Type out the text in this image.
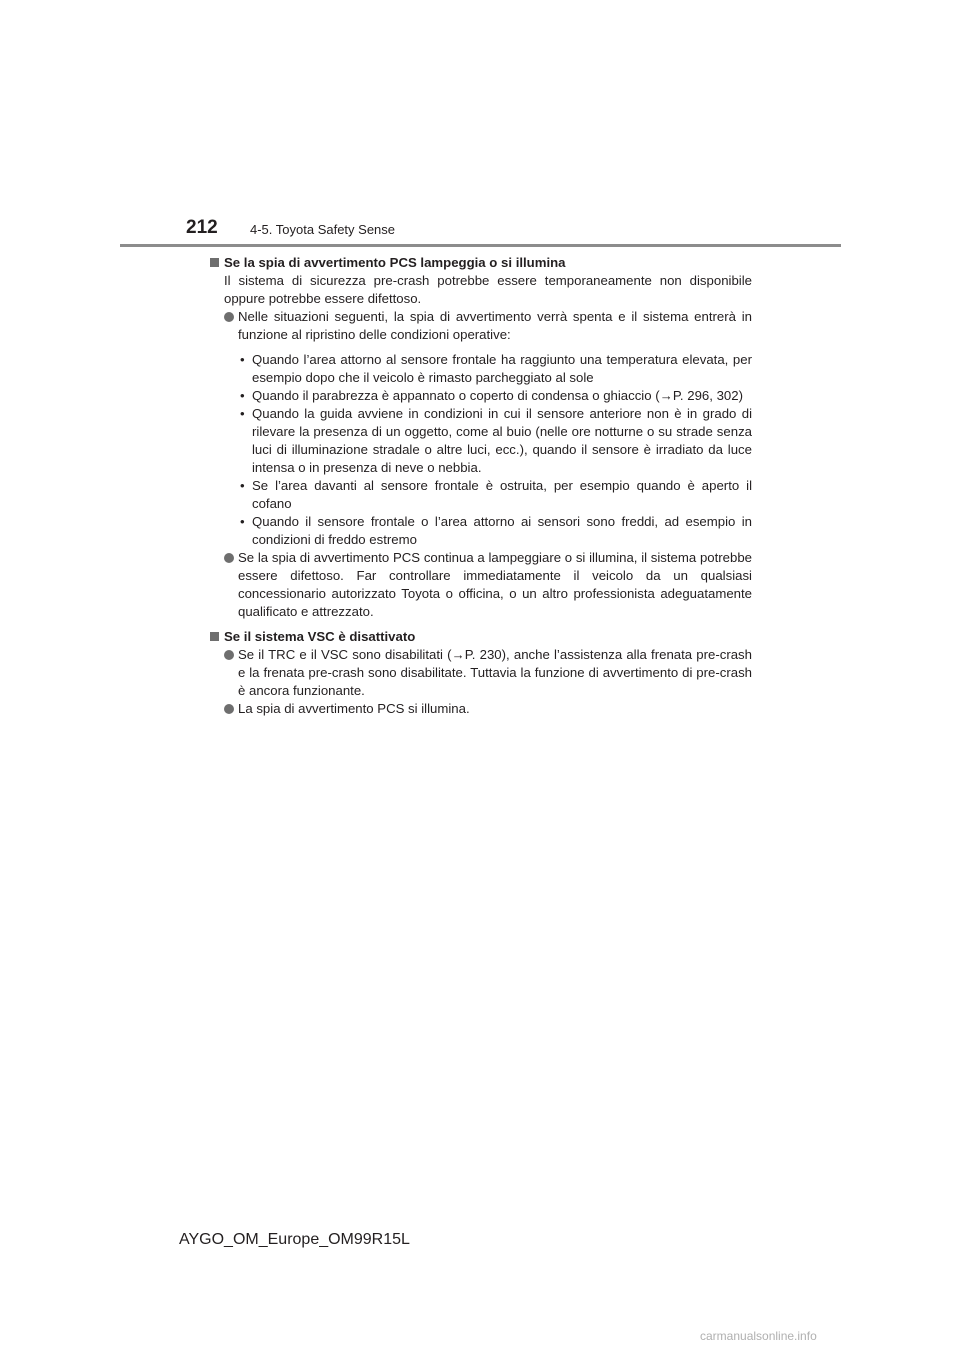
212 4-5. Toyota Safety Sense

Se la spia di avvertimento PCS lampeggia o si illumina

Il sistema di sicurezza pre-crash potrebbe essere temporaneamente non disponibile oppure potrebbe essere difettoso.

Nelle situazioni seguenti, la spia di avvertimento verrà spenta e il sistema entrerà in funzione al ripristino delle condizioni operative:

• Quando l’area attorno al sensore frontale ha raggiunto una temperatura elevata, per esempio dopo che il veicolo è rimasto parcheggiato al sole

• Quando il parabrezza è appannato o coperto di condensa o ghiaccio (→P. 296, 302)

• Quando la guida avviene in condizioni in cui il sensore anteriore non è in grado di rilevare la presenza di un oggetto, come al buio (nelle ore notturne o su strade senza luci di illuminazione stradale o altre luci, ecc.), quando il sensore è irradiato da luce intensa o in presenza di neve o nebbia.

• Se l’area davanti al sensore frontale è ostruita, per esempio quando è aperto il cofano

• Quando il sensore frontale o l’area attorno ai sensori sono freddi, ad esempio in condizioni di freddo estremo

Se la spia di avvertimento PCS continua a lampeggiare o si illumina, il sistema potrebbe essere difettoso. Far controllare immediatamente il veicolo da un qualsiasi concessionario autorizzato Toyota o officina, o un altro professionista adeguatamente qualificato e attrezzato.

Se il sistema VSC è disattivato

Se il TRC e il VSC sono disabilitati (→P. 230), anche l’assistenza alla frenata pre-crash e la frenata pre-crash sono disabilitate. Tuttavia la funzione di avvertimento di pre-crash è ancora funzionante.

La spia di avvertimento PCS si illumina.

AYGO_OM_Europe_OM99R15L
carmanualsonline.info
